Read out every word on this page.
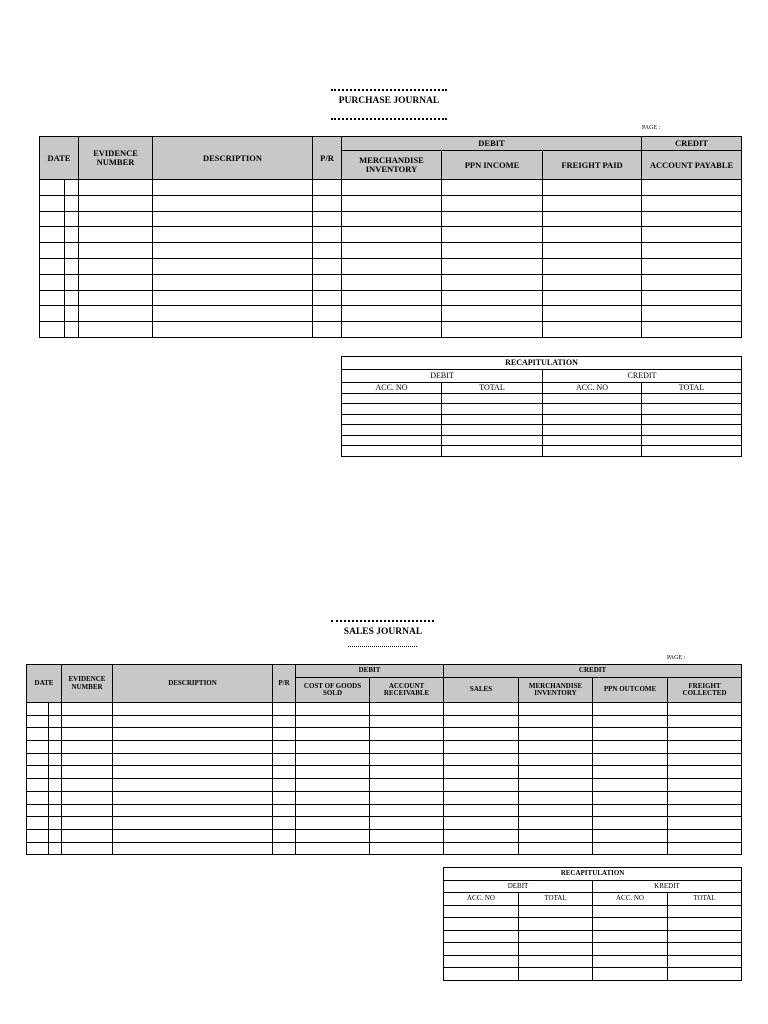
PURCHASE JOURNAL
PAGE :
DATE		EVIDENCE NUMBER	DESCRIPTION	P/R	DEBIT			CREDIT
					MERCHANDISE INVENTORY	PPN INCOME	FREIGHT PAID	ACCOUNT PAYABLE

RECAPITULATION			
DEBIT		CREDIT	
ACC. NO	TOTAL	ACC. NO	TOTAL

SALES JOURNAL
PAGE :
DATE		EVIDENCE NUMBER	DESCRIPTION	P/R	DEBIT		CREDIT			
					COST OF GOODS SOLD	ACCOUNT RECEIVABLE	SALES	MERCHANDISE INVENTORY	PPN OUTCOME	FREIGHT COLLECTED

RECAPITULATION			
DEBIT		KREDIT	
ACC. NO	TOTAL	ACC. NO	TOTAL
